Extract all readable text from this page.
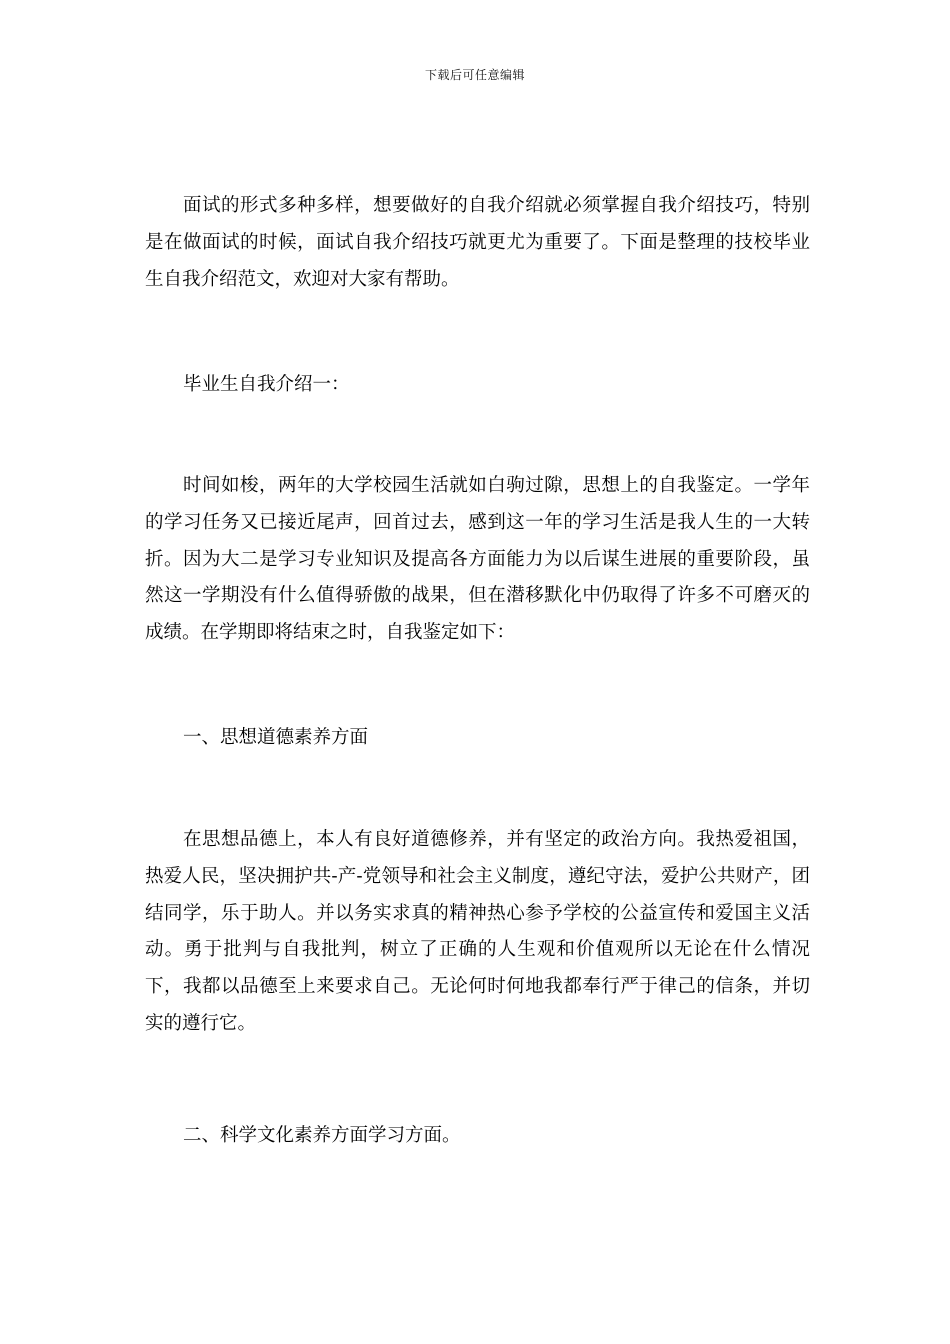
下载后可任意编辑

面试的形式多种多样，想要做好的自我介绍就必须掌握自我介绍技巧，特别是在做面试的时候，面试自我介绍技巧就更尤为重要了。下面是整理的技校毕业生自我介绍范文，欢迎对大家有帮助。

毕业生自我介绍一：

时间如梭，两年的大学校园生活就如白驹过隙，思想上的自我鉴定。一学年的学习任务又已接近尾声，回首过去，感到这一年的学习生活是我人生的一大转折。因为大二是学习专业知识及提高各方面能力为以后谋生进展的重要阶段，虽然这一学期没有什么值得骄傲的战果，但在潜移默化中仍取得了许多不可磨灭的成绩。在学期即将结束之时，自我鉴定如下：

一、思想道德素养方面

在思想品德上，本人有良好道德修养，并有坚定的政治方向。我热爱祖国，热爱人民，坚决拥护共-产-党领导和社会主义制度，遵纪守法，爱护公共财产，团结同学，乐于助人。并以务实求真的精神热心参予学校的公益宣传和爱国主义活动。勇于批判与自我批判，树立了正确的人生观和价值观所以无论在什么情况下，我都以品德至上来要求自己。无论何时何地我都奉行严于律己的信条，并切实的遵行它。

二、科学文化素养方面学习方面。
